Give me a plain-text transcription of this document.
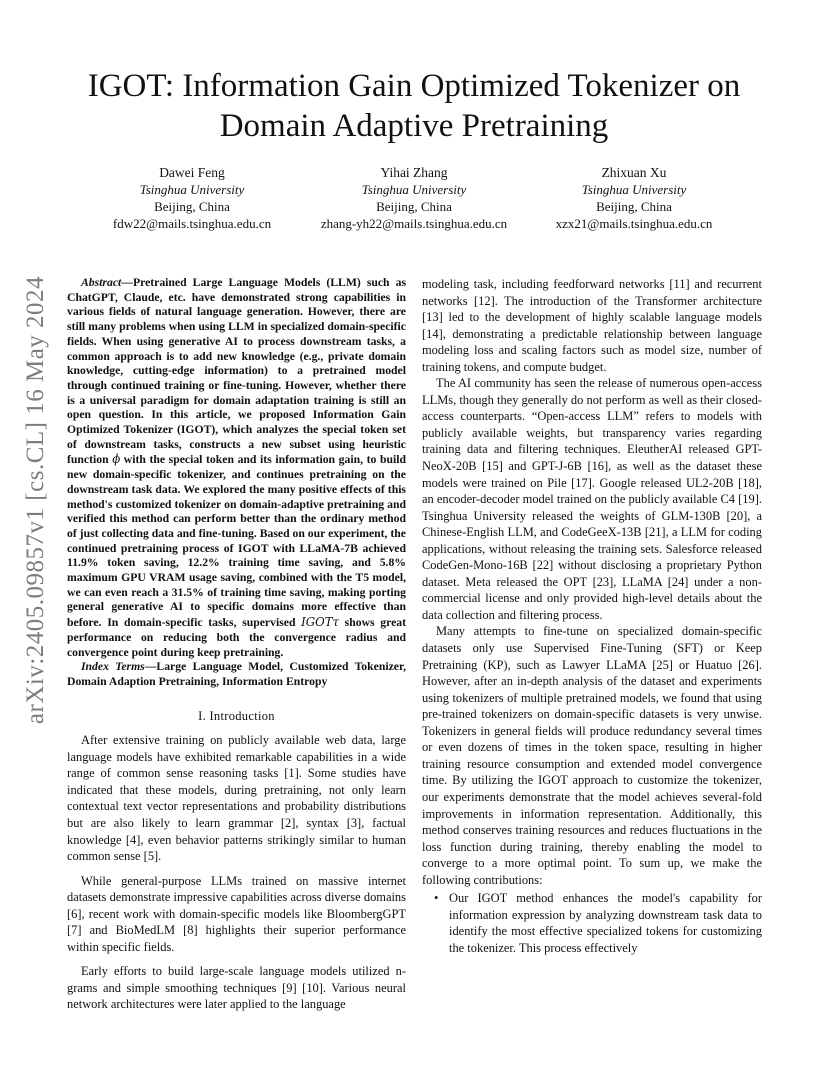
arXiv:2405.09857v1 [cs.CL] 16 May 2024
IGOT: Information Gain Optimized Tokenizer on Domain Adaptive Pretraining
Dawei Feng
Tsinghua University
Beijing, China
fdw22@mails.tsinghua.edu.cn
Yihai Zhang
Tsinghua University
Beijing, China
zhang-yh22@mails.tsinghua.edu.cn
Zhixuan Xu
Tsinghua University
Beijing, China
xzx21@mails.tsinghua.edu.cn

Abstract—Pretrained Large Language Models (LLM) such as ChatGPT, Claude, etc. have demonstrated strong capabilities in various fields of natural language generation. However, there are still many problems when using LLM in specialized domain-specific fields. When using generative AI to process downstream tasks, a common approach is to add new knowledge (e.g., private domain knowledge, cutting-edge information) to a pretrained model through continued training or fine-tuning. However, whether there is a universal paradigm for domain adaptation training is still an open question. In this article, we proposed Information Gain Optimized Tokenizer (IGOT), which analyzes the special token set of downstream tasks, constructs a new subset using heuristic function ϕ with the special token and its information gain, to build new domain-specific tokenizer, and continues pretraining on the downstream task data. We explored the many positive effects of this method's customized tokenizer on domain-adaptive pretraining and verified this method can perform better than the ordinary method of just collecting data and fine-tuning. Based on our experiment, the continued pretraining process of IGOT with LLaMA-7B achieved 11.9% token saving, 12.2% training time saving, and 5.8% maximum GPU VRAM usage saving, combined with the T5 model, we can even reach a 31.5% of training time saving, making porting general generative AI to specific domains more effective than before. In domain-specific tasks, supervised IGOTτ shows great performance on reducing both the convergence radius and convergence point during keep pretraining.

Index Terms—Large Language Model, Customized Tokenizer, Domain Adaption Pretraining, Information Entropy

I. Introduction

After extensive training on publicly available web data, large language models have exhibited remarkable capabilities in a wide range of common sense reasoning tasks [1]. Some studies have indicated that these models, during pretraining, not only learn contextual text vector representations and probability distributions but are also likely to learn grammar [2], syntax [3], factual knowledge [4], even behavior patterns strikingly similar to human common sense [5].

While general-purpose LLMs trained on massive internet datasets demonstrate impressive capabilities across diverse domains [6], recent work with domain-specific models like BloombergGPT [7] and BioMedLM [8] highlights their superior performance within specific fields.

Early efforts to build large-scale language models utilized n-grams and simple smoothing techniques [9] [10]. Various neural network architectures were later applied to the language

modeling task, including feedforward networks [11] and recurrent networks [12]. The introduction of the Transformer architecture [13] led to the development of highly scalable language models [14], demonstrating a predictable relationship between language modeling loss and scaling factors such as model size, number of training tokens, and compute budget.

The AI community has seen the release of numerous open-access LLMs, though they generally do not perform as well as their closed-access counterparts. “Open-access LLM” refers to models with publicly available weights, but transparency varies regarding training data and filtering techniques. EleutherAI released GPT-NeoX-20B [15] and GPT-J-6B [16], as well as the dataset these models were trained on Pile [17]. Google released UL2-20B [18], an encoder-decoder model trained on the publicly available C4 [19]. Tsinghua University released the weights of GLM-130B [20], a Chinese-English LLM, and CodeGeeX-13B [21], a LLM for coding applications, without releasing the training sets. Salesforce released CodeGen-Mono-16B [22] without disclosing a proprietary Python dataset. Meta released the OPT [23], LLaMA [24] under a non-commercial license and only provided high-level details about the data collection and filtering process.

Many attempts to fine-tune on specialized domain-specific datasets only use Supervised Fine-Tuning (SFT) or Keep Pretraining (KP), such as Lawyer LLaMA [25] or Huatuo [26]. However, after an in-depth analysis of the dataset and experiments using tokenizers of multiple pretrained models, we found that using pre-trained tokenizers on domain-specific datasets is very unwise. Tokenizers in general fields will produce redundancy several times or even dozens of times in the token space, resulting in higher training resource consumption and extended model convergence time. By utilizing the IGOT approach to customize the tokenizer, our experiments demonstrate that the model achieves several-fold improvements in information representation. Additionally, this method conserves training resources and reduces fluctuations in the loss function during training, thereby enabling the model to converge to a more optimal point. To sum up, we make the following contributions:

• Our IGOT method enhances the model's capability for information expression by analyzing downstream task data to identify the most effective specialized tokens for customizing the tokenizer. This process effectively
